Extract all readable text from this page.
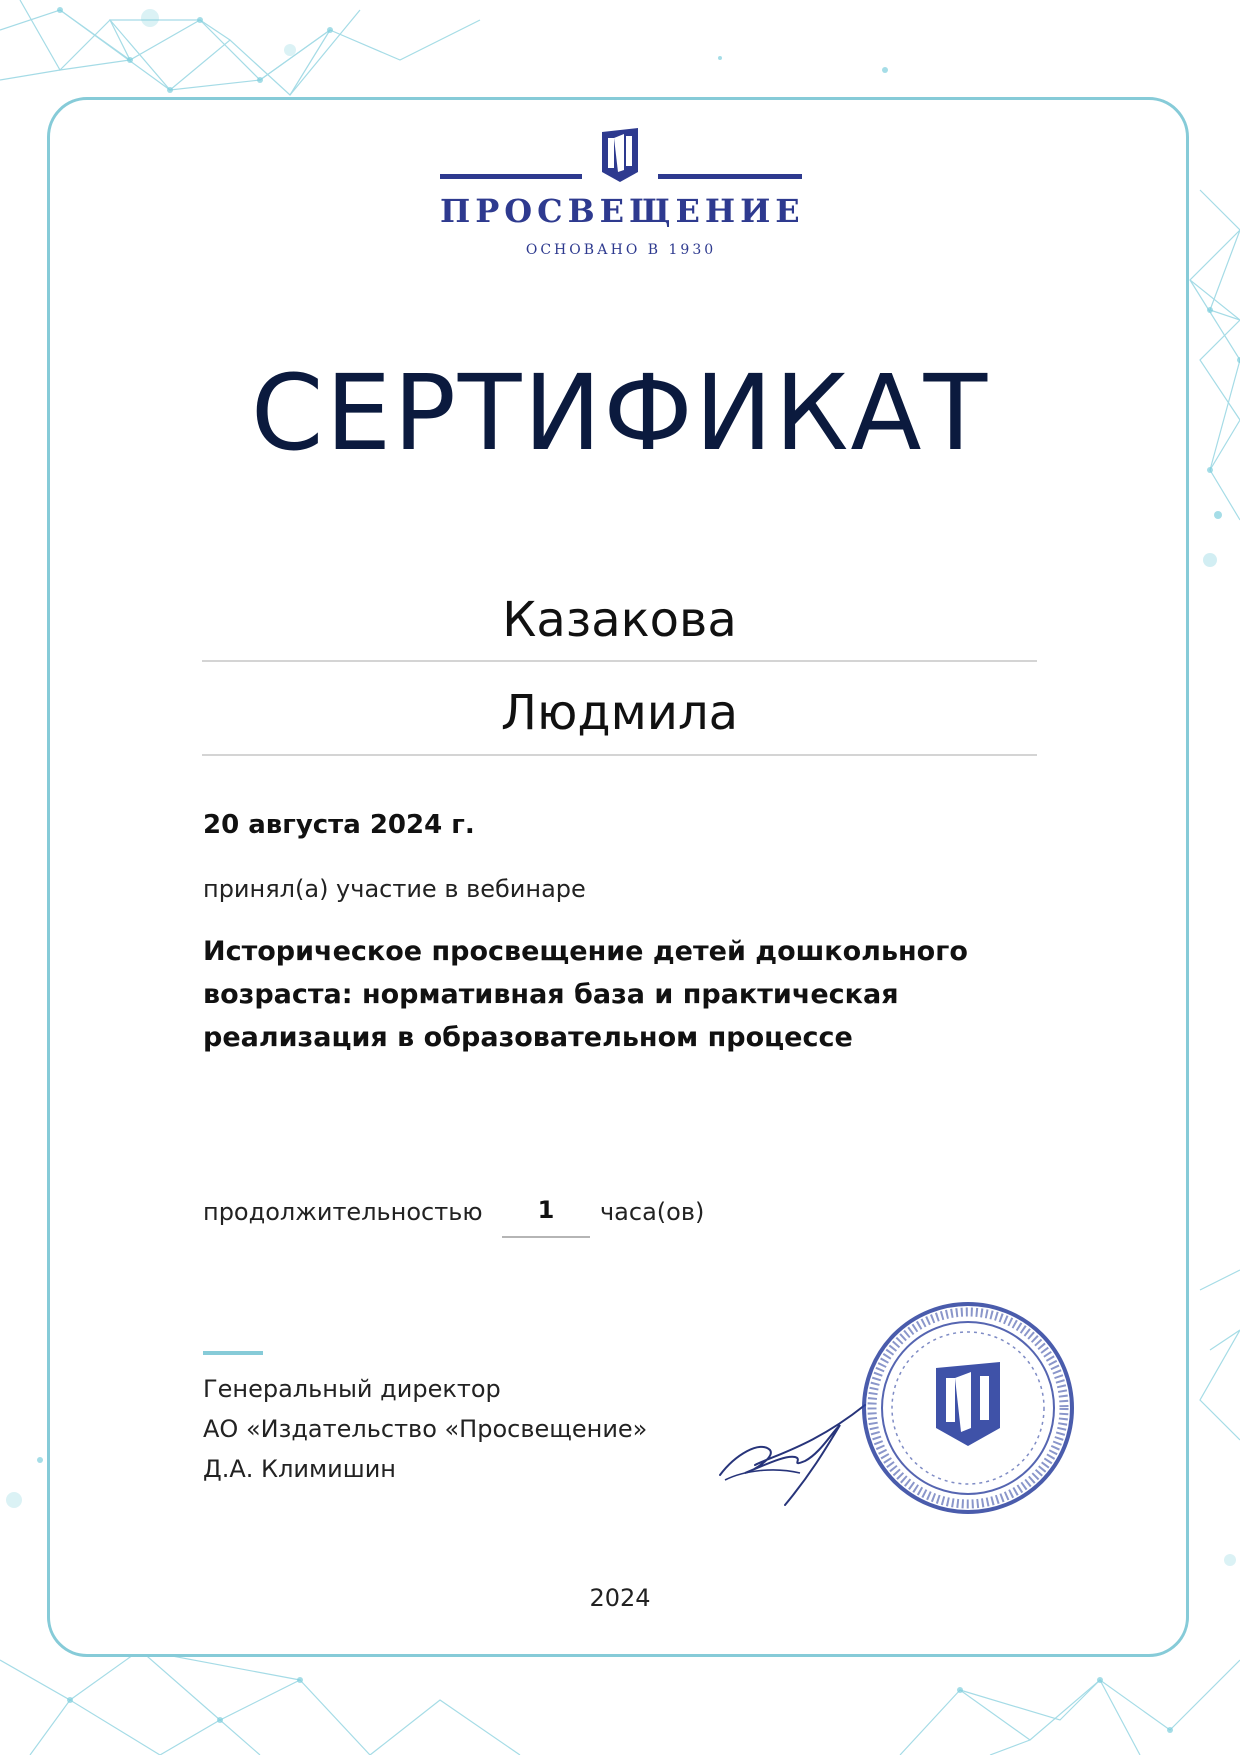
ПРОСВЕЩЕНИЕ
ОСНОВАНО В 1930
СЕРТИФИКАТ
Казакова
Людмила
20 августа 2024 г.
принял(а) участие в вебинаре
Историческое просвещение детей дошкольного возраста: нормативная база и практическая реализация в образовательном процессе
продолжительностью	1	часа(ов)
Генеральный директор
АО «Издательство «Просвещение»
Д.А. Климишин
2024
